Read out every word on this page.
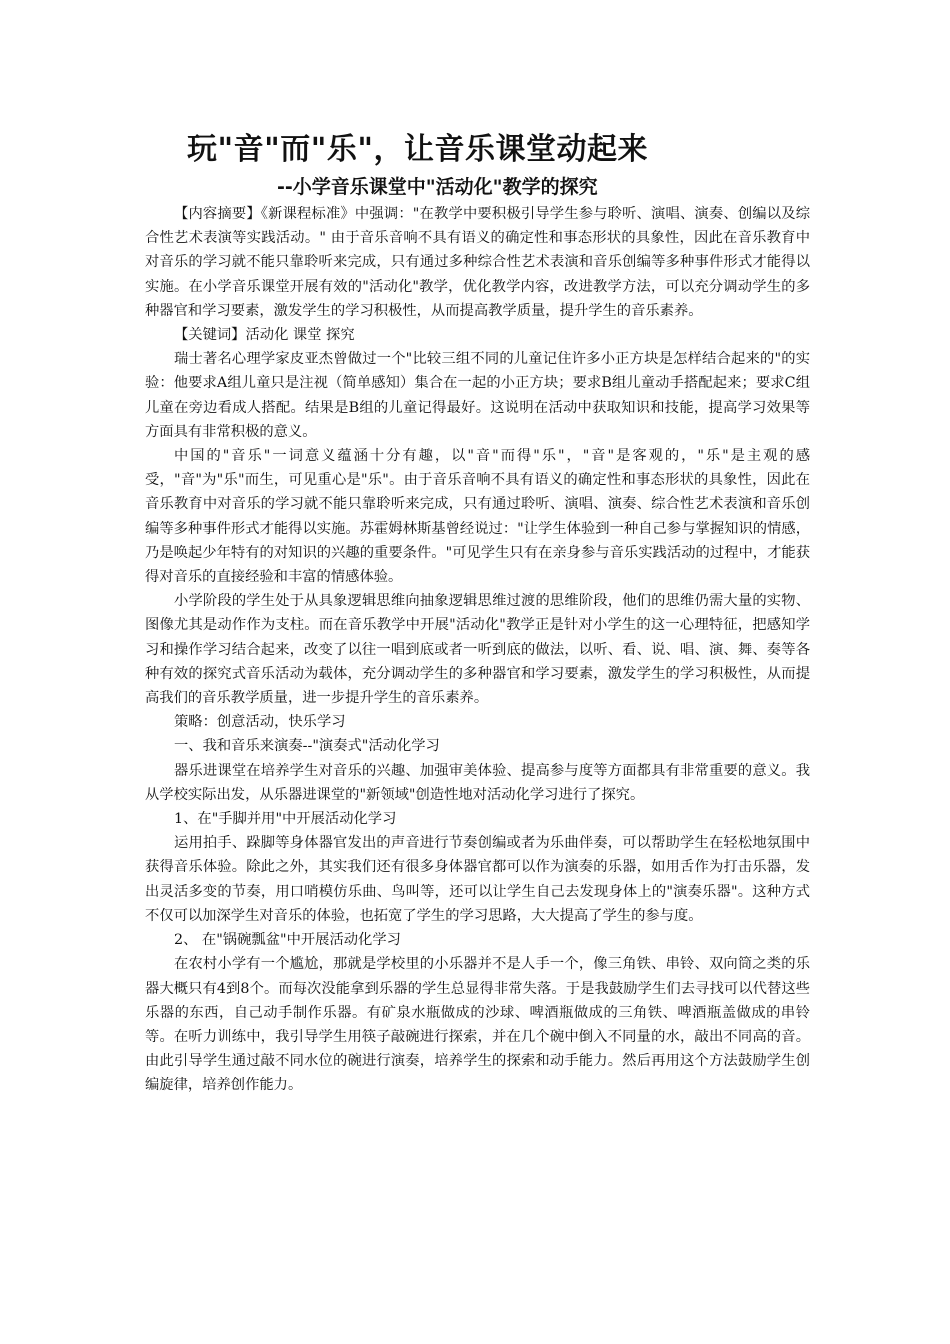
玩"音"而"乐"，让音乐课堂动起来
--小学音乐课堂中"活动化"教学的探究

【内容摘要】《新课程标准》中强调："在教学中要积极引导学生参与聆听、演唱、演奏、创编以及综合性艺术表演等实践活动。" 由于音乐音响不具有语义的确定性和事态形状的具象性，因此在音乐教育中对音乐的学习就不能只靠聆听来完成，只有通过多种综合性艺术表演和音乐创编等多种事件形式才能得以实施。在小学音乐课堂开展有效的"活动化"教学，优化教学内容，改进教学方法，可以充分调动学生的多种器官和学习要素，激发学生的学习积极性，从而提高教学质量，提升学生的音乐素养。

【关键词】活动化 课堂 探究

瑞士著名心理学家皮亚杰曾做过一个"比较三组不同的儿童记住许多小正方块是怎样结合起来的"的实验：他要求A组儿童只是注视（简单感知）集合在一起的小正方块；要求B组儿童动手搭配起来；要求C组儿童在旁边看成人搭配。结果是B组的儿童记得最好。这说明在活动中获取知识和技能，提高学习效果等方面具有非常积极的意义。

中国的"音乐"一词意义蕴涵十分有趣，以"音"而得"乐"，"音"是客观的，"乐"是主观的感受，"音"为"乐"而生，可见重心是"乐"。由于音乐音响不具有语义的确定性和事态形状的具象性，因此在音乐教育中对音乐的学习就不能只靠聆听来完成，只有通过聆听、演唱、演奏、综合性艺术表演和音乐创编等多种事件形式才能得以实施。苏霍姆林斯基曾经说过："让学生体验到一种自己参与掌握知识的情感，乃是唤起少年特有的对知识的兴趣的重要条件。"可见学生只有在亲身参与音乐实践活动的过程中，才能获得对音乐的直接经验和丰富的情感体验。

小学阶段的学生处于从具象逻辑思维向抽象逻辑思维过渡的思维阶段，他们的思维仍需大量的实物、图像尤其是动作作为支柱。而在音乐教学中开展"活动化"教学正是针对小学生的这一心理特征，把感知学习和操作学习结合起来，改变了以往一唱到底或者一听到底的做法，以听、看、说、唱、演、舞、奏等各种有效的探究式音乐活动为载体，充分调动学生的多种器官和学习要素，激发学生的学习积极性，从而提高我们的音乐教学质量，进一步提升学生的音乐素养。

策略：创意活动，快乐学习

一、我和音乐来演奏--"演奏式"活动化学习

器乐进课堂在培养学生对音乐的兴趣、加强审美体验、提高参与度等方面都具有非常重要的意义。我从学校实际出发，从乐器进课堂的"新领域"创造性地对活动化学习进行了探究。

1、在"手脚并用"中开展活动化学习

运用拍手、跺脚等身体器官发出的声音进行节奏创编或者为乐曲伴奏，可以帮助学生在轻松地氛围中获得音乐体验。除此之外，其实我们还有很多身体器官都可以作为演奏的乐器，如用舌作为打击乐器，发出灵活多变的节奏，用口哨模仿乐曲、鸟叫等，还可以让学生自己去发现身体上的"演奏乐器"。这种方式不仅可以加深学生对音乐的体验，也拓宽了学生的学习思路，大大提高了学生的参与度。

2、 在"锅碗瓢盆"中开展活动化学习

在农村小学有一个尴尬，那就是学校里的小乐器并不是人手一个，像三角铁、串铃、双向筒之类的乐器大概只有4到8个。而每次没能拿到乐器的学生总显得非常失落。于是我鼓励学生们去寻找可以代替这些乐器的东西，自己动手制作乐器。有矿泉水瓶做成的沙球、啤酒瓶做成的三角铁、啤酒瓶盖做成的串铃等。在听力训练中，我引导学生用筷子敲碗进行探索，并在几个碗中倒入不同量的水，敲出不同高的音。由此引导学生通过敲不同水位的碗进行演奏，培养学生的探索和动手能力。然后再用这个方法鼓励学生创编旋律，培养创作能力。
